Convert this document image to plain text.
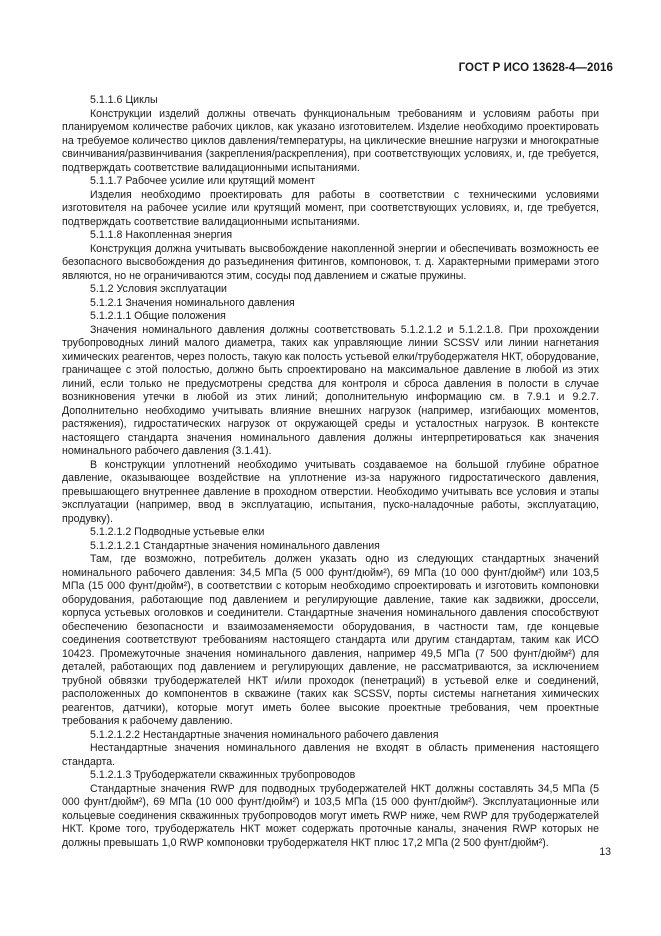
ГОСТ Р ИСО 13628-4—2016

5.1.1.6 Циклы

Конструкции изделий должны отвечать функциональным требованиям и условиям работы при планируемом количестве рабочих циклов, как указано изготовителем. Изделие необходимо проектировать на требуемое количество циклов давления/температуры, на циклические внешние нагрузки и многократные свинчивания/развинчивания (закрепления/раскрепления), при соответствующих условиях, и, где требуется, подтверждать соответствие валидационными испытаниями.

5.1.1.7 Рабочее усилие или крутящий момент

Изделия необходимо проектировать для работы в соответствии с техническими условиями изготовителя на рабочее усилие или крутящий момент, при соответствующих условиях, и, где требуется, подтверждать соответствие валидационными испытаниями.

5.1.1.8 Накопленная энергия

Конструкция должна учитывать высвобождение накопленной энергии и обеспечивать возможность ее безопасного высвобождения до разъединения фитингов, компоновок, т. д. Характерными примерами этого являются, но не ограничиваются этим, сосуды под давлением и сжатые пружины.

5.1.2 Условия эксплуатации

5.1.2.1 Значения номинального давления

5.1.2.1.1 Общие положения

Значения номинального давления должны соответствовать 5.1.2.1.2 и 5.1.2.1.8. При прохождении трубопроводных линий малого диаметра, таких как управляющие линии SCSSV или линии нагнетания химических реагентов, через полость, такую как полость устьевой елки/трубодержателя НКТ, оборудование, граничащее с этой полостью, должно быть спроектировано на максимальное давление в любой из этих линий, если только не предусмотрены средства для контроля и сброса давления в полости в случае возникновения утечки в любой из этих линий; дополнительную информацию см. в 7.9.1 и 9.2.7. Дополнительно необходимо учитывать влияние внешних нагрузок (например, изгибающих моментов, растяжения), гидростатических нагрузок от окружающей среды и усталостных нагрузок. В контексте настоящего стандарта значения номинального давления должны интерпретироваться как значения номинального рабочего давления (3.1.41).

В конструкции уплотнений необходимо учитывать создаваемое на большой глубине обратное давление, оказывающее воздействие на уплотнение из-за наружного гидростатического давления, превышающего внутреннее давление в проходном отверстии. Необходимо учитывать все условия и этапы эксплуатации (например, ввод в эксплуатацию, испытания, пуско-наладочные работы, эксплуатацию, продувку).

5.1.2.1.2 Подводные устьевые елки

5.1.2.1.2.1 Стандартные значения номинального давления

Там, где возможно, потребитель должен указать одно из следующих стандартных значений номинального рабочего давления: 34,5 МПа (5 000 фунт/дюйм²), 69 МПа (10 000 фунт/дюйм²) или 103,5 МПа (15 000 фунт/дюйм²), в соответствии с которым необходимо спроектировать и изготовить компоновки оборудования, работающие под давлением и регулирующие давление, такие как задвижки, дроссели, корпуса устьевых оголовков и соединители. Стандартные значения номинального давления способствуют обеспечению безопасности и взаимозаменяемости оборудования, в частности там, где концевые соединения соответствуют требованиям настоящего стандарта или другим стандартам, таким как ИСО 10423. Промежуточные значения номинального давления, например 49,5 МПа (7 500 фунт/дюйм²) для деталей, работающих под давлением и регулирующих давление, не рассматриваются, за исключением трубной обвязки трубодержателей НКТ и/или проходок (пенетраций) в устьевой елке и соединений, расположенных до компонентов в скважине (таких как SCSSV, порты системы нагнетания химических реагентов, датчики), которые могут иметь более высокие проектные требования, чем проектные требования к рабочему давлению.

5.1.2.1.2.2 Нестандартные значения номинального рабочего давления

Нестандартные значения номинального давления не входят в область применения настоящего стандарта.

5.1.2.1.3 Трубодержатели скважинных трубопроводов

Стандартные значения RWP для подводных трубодержателей НКТ должны составлять 34,5 МПа (5 000 фунт/дюйм²), 69 МПа (10 000 фунт/дюйм²) и 103,5 МПа (15 000 фунт/дюйм²). Эксплуатационные или кольцевые соединения скважинных трубопроводов могут иметь RWP ниже, чем RWP для трубодержателей НКТ. Кроме того, трубодержатель НКТ может содержать проточные каналы, значения RWP которых не должны превышать 1,0 RWP компоновки трубодержателя НКТ плюс 17,2 МПа (2 500 фунт/дюйм²).

13
